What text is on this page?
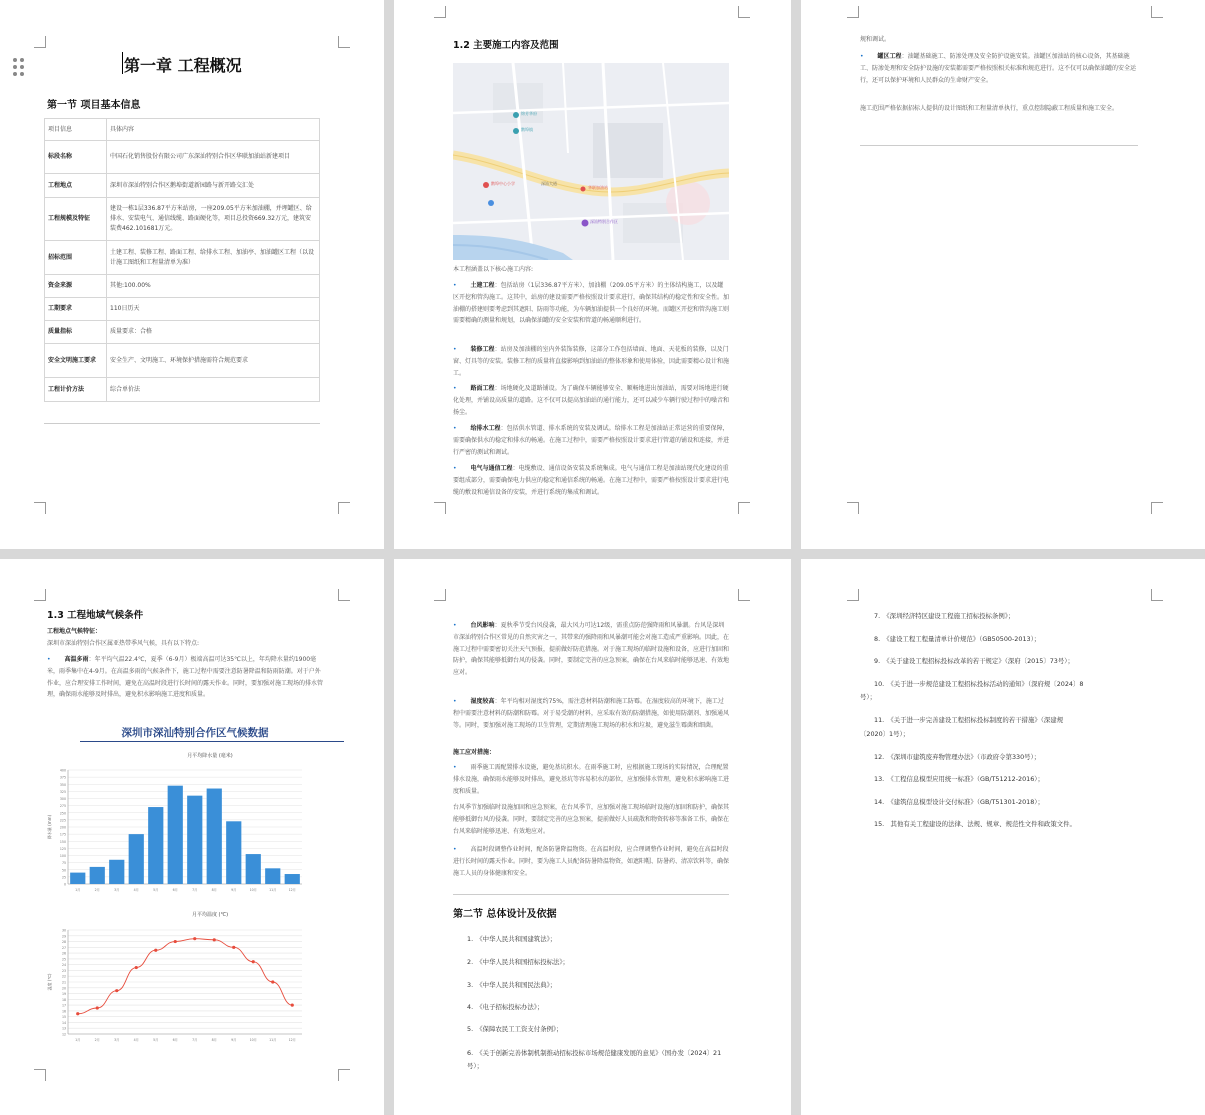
第一章 工程概况
第一节 项目基本信息
项目信息	具体内容
标段名称	中国石化销售股份有限公司广东深汕特别合作区华联加油站新建项目
工程地点	深圳市深汕特别合作区鹅埠街道新园路与新开路交汇处
工程规模及特征	建设一栋1层336.87平方米站房，一座209.05平方米加油棚，并埋罐区、给排水、安装电气、通信线缆、路面硬化等，项目总投资669.32万元，建筑安装费462.101681万元。
招标范围	土建工程、装修工程、路面工程、给排水工程、加油亭、加油罐区工程（以设计施工图纸和工程量清单为准）
资金来源	其他:100.00%
工期要求	110日历天
质量指标	质量要求：合格
安全文明施工要求	安全生产、文明施工、环境保护措施需符合规范要求
工程计价方法	综合单价法
1.2 主要施工内容及范围
锦芳华府
鹅埠镇
深汕大道
鹅埠中心小学
华联加油站
深汕特别合作区
本工程涵盖以下核心施工内容:
• 土建工程：包括站房（1层336.87平方米）、加油棚（209.05平方米）的主体结构施工，以及罐区开挖和管沟施工。这其中，站房的建设需要严格按照设计要求进行，确保其结构的稳定性和安全性。加油棚的搭建则要考虑到其遮阳、防雨等功能，为车辆加油提供一个良好的环境。而罐区开挖和管沟施工则需要精确的测量和规划，以确保油罐的安全安装和管道的畅通顺利进行。
• 装修工程：站房及加油棚的室内外装饰装修，这部分工作包括墙面、地面、天花板的装修，以及门窗、灯具等的安装。装修工程的质量将直接影响到加油站的整体形象和使用体验，因此需要精心设计和施工。
• 路面工程：场地硬化及道路铺设。为了确保车辆能够安全、顺畅地进出加油站，需要对场地进行硬化处理，并铺设高质量的道路。这不仅可以提高加油站的通行能力，还可以减少车辆行驶过程中的噪音和扬尘。
• 给排水工程：包括供水管道、排水系统的安装及调试。给排水工程是加油站正常运营的重要保障，需要确保供水的稳定和排水的畅通。在施工过程中，需要严格按照设计要求进行管道的铺设和连接，并进行严密的测试和调试。
• 电气与通信工程：电缆敷设、通信设备安装及系统集成。电气与通信工程是加油站现代化建设的重要组成部分，需要确保电力供应的稳定和通信系统的畅通。在施工过程中，需要严格按照设计要求进行电缆的敷设和通信设备的安装，并进行系统的集成和调试。
规和调试。
• 罐区工程：油罐基础施工、防渗处理及安全防护设施安装。油罐区加油站的核心设备，其基础施工、防渗处理和安全防护设施的安装都需要严格按照相关标准和规范进行。这不仅可以确保油罐的安全运行，还可以保护环境和人民群众的生命财产安全。
施工范围严格依据招标人提供的设计图纸和工程量清单执行，重点控制隐蔽工程质量和施工安全。
1.3 工程地域气候条件
工程地点气候特征：
深圳市深汕特别合作区属亚热带季风气候，具有以下特点:
• 高温多雨：年平均气温22.4℃，夏季（6-9月）极端高温可达35℃以上，年均降水量约1900毫米，雨季集中在4-9月。在高温多雨的气候条件下，施工过程中需要注意防暑降温和防雨防潮。对于户外作业，应合理安排工作时间，避免在高温时段进行长时间的露天作业。同时，要加强对施工现场的排水管理，确保雨水能够及时排出，避免积水影响施工进度和质量。
深圳市深汕特别合作区气候数据
月平均降水量 (毫米)
0
25
50
75
100
125
150
175
200
225
250
275
300
325
350
375
400
降水量 (mm)
1月	2月	3月	4月	5月	6月	7月	8月	9月	10月	11月	12月
月平均温度 (℃)
12
13
14
15
16
17
18
19
20
21
22
23
24
25
26
27
28
29
30
温度 (℃)
1月	2月	3月	4月	5月	6月	7月	8月	9月	10月	11月	12月
• 台风影响：夏秋季节受台风侵袭，最大风力可达12级，需重点防范强降雨和风暴潮。台风是深圳市深汕特别合作区常见的自然灾害之一，其带来的强降雨和风暴潮可能会对施工造成严重影响。因此，在施工过程中需要密切关注天气预报，提前做好防范措施。对于施工现场的临时设施和设备，应进行加固和防护，确保其能够抵御台风的侵袭。同时，要制定完善的应急预案，确保在台风来临时能够迅速、有效地应对。
• 湿度较高：年平均相对湿度约75%，需注意材料防潮和施工防霉。在湿度较高的环境下，施工过程中需要注意材料的防潮和防霉。对于易受潮的材料，应采取有效的防潮措施，如使用防潮剂、加强通风等。同时，要加强对施工现场的卫生管理，定期清理施工现场的积水和垃圾，避免滋生霉菌和细菌。
施工应对措施：
• 雨季施工需配置排水设施，避免基坑积水。在雨季施工时，应根据施工现场的实际情况，合理配置排水设施，确保雨水能够及时排出，避免基坑等容易积水的部位，应加强排水管理，避免积水影响施工进度和质量。
台风季节加强临时设施加固和应急预案，在台风季节，应加强对施工现场临时设施的加固和防护，确保其能够抵御台风的侵袭。同时，要制定完善的应急预案，提前做好人员疏散和物资转移等准备工作，确保在台风来临时能够迅速、有效地应对。
• 高温时段调整作业时间，配备防暑降温物资。在高温时段，应合理调整作业时间，避免在高温时段进行长时间的露天作业。同时，要为施工人员配备防暑降温物资，如遮阳帽、防暑药、清凉饮料等，确保施工人员的身体健康和安全。
第二节 总体设计及依据
1.　《中华人民共和国建筑法》；
2.　《中华人民共和国招标投标法》；
3.　《中华人民共和国民法典》；
4.　《电子招标投标办法》；
5.　《保障农民工工资支付条例》；
6.　《关于创新完善体制机制推动招标投标市场规范健康发展的意见》（国办发〔2024〕21号）；
7.　《深圳经济特区建设工程施工招标投标条例》；
8.　《建设工程工程量清单计价规范》（GB50500-2013）；
9.　《关于建设工程招标投标改革的若干规定》（深府〔2015〕73号）；
10.　《关于进一步规范建设工程招标投标活动的通知》（深府规〔2024〕8
号）；
11.　《关于进一步完善建设工程招标投标制度的若干措施》（深建规
〔2020〕1号）；
12.　《深圳市建筑废弃物管理办法》（市政府令第330号）；
13.　《工程信息模型应用统一标准》（GB/T51212-2016）；
14.　《建筑信息模型设计交付标准》（GB/T51301-2018）；
15.　其他有关工程建设的法律、法规、规章、规范性文件和政策文件。
